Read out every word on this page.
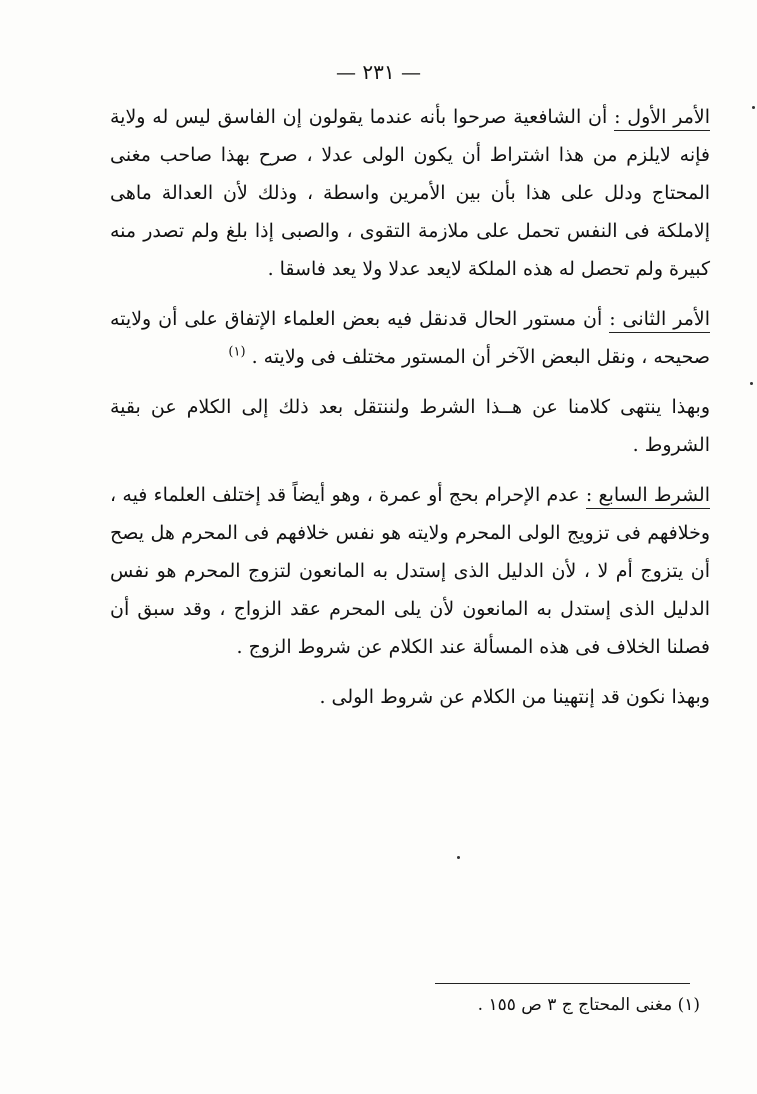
— ٢٣١ —

الأمر الأول : أن الشافعية صرحوا بأنه عندما يقولون إن الفاسق ليس له ولاية فإنه لايلزم من هذا اشتراط أن يكون الولى عدلا ، صرح بهذا صاحب مغنى المحتاج ودلل على هذا بأن بين الأمرين واسطة ، وذلك لأن العدالة ماهى إلاملكة فى النفس تحمل على ملازمة التقوى ، والصبى إذا بلغ ولم تصدر منه كبيرة ولم تحصل له هذه الملكة لايعد عدلا ولا يعد فاسقا .

الأمر الثانى : أن مستور الحال قدنقل فيه بعض العلماء الإتفاق على أن ولايته صحيحه ، ونقل البعض الآخر أن المستور مختلف فى ولايته . $^{(١)}$

وبهذا ينتهى كلامنا عن هــذا الشرط ولننتقل بعد ذلك إلى الكلام عن بقية الشروط .

الشرط السابع : عدم الإحرام بحج أو عمرة ، وهو أيضاً قد إختلف العلماء فيه ، وخلافهم فى تزويج الولى المحرم ولايته هو نفس خلافهم فى المحرم هل يصح أن يتزوج أم لا ، لأن الدليل الذى إستدل به المانعون لتزوج المحرم هو نفس الدليل الذى إستدل به المانعون لأن يلى المحرم عقد الزواج ، وقد سبق أن فصلنا الخلاف فى هذه المسألة عند الكلام عن شروط الزوج .

وبهذا نكون قد إنتهينا من الكلام عن شروط الولى .

(١) مغنى المحتاج ج ٣ ص ١٥٥ .
